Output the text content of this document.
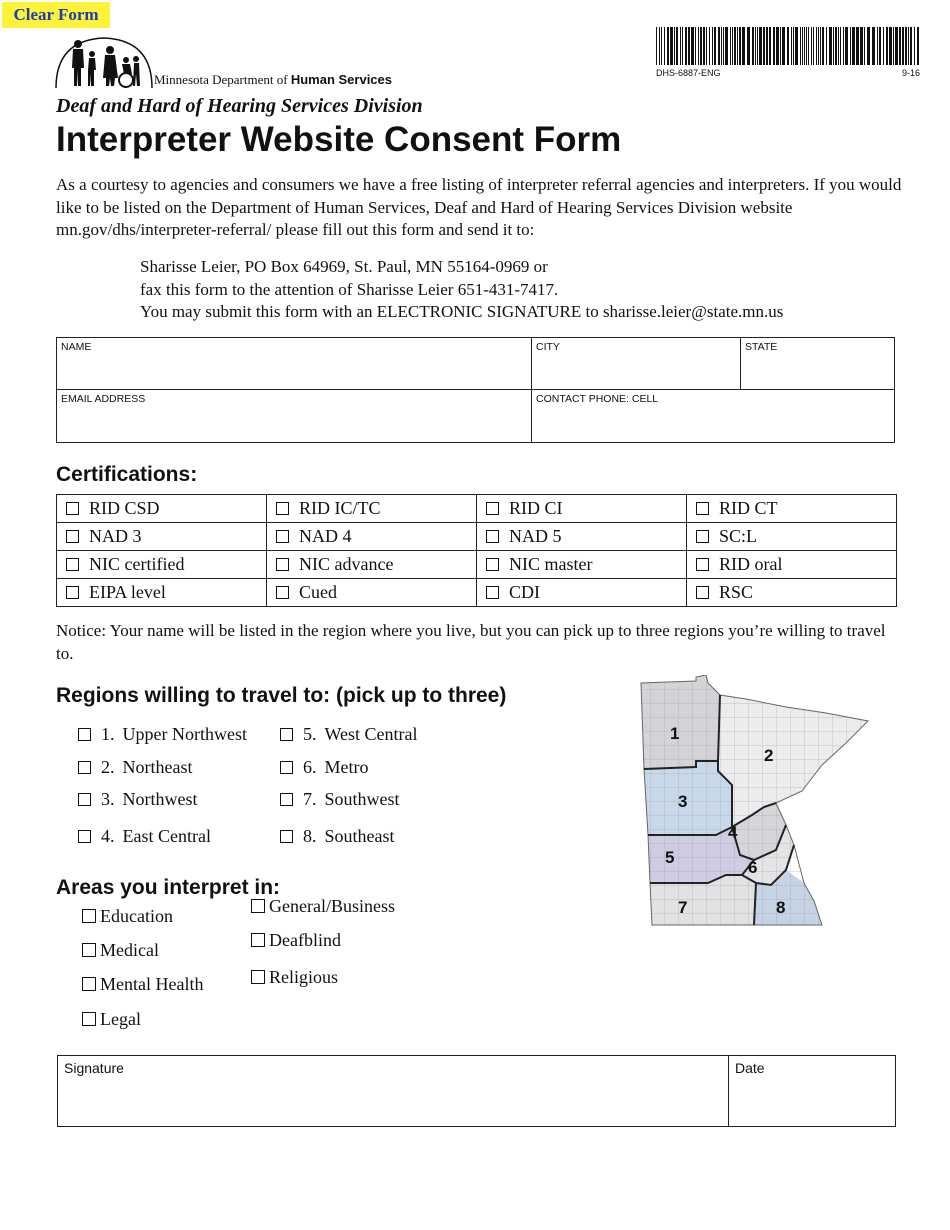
Clear Form
Minnesota Department of Human Services	DHS-6887-ENG	9-16
Deaf and Hard of Hearing Services Division
Interpreter Website Consent Form
As a courtesy to agencies and consumers we have a free listing of interpreter referral agencies and interpreters. If you would like to be listed on the Department of Human Services, Deaf and Hard of Hearing Services Division website mn.gov/dhs/interpreter-referral/ please fill out this form and send it to:
Sharisse Leier, PO Box 64969, St. Paul, MN 55164-0969 or
fax this form to the attention of Sharisse Leier 651-431-7417.
You may submit this form with an ELECTRONIC SIGNATURE to sharisse.leier@state.mn.us
NAME	CITY	STATE
EMAIL ADDRESS	CONTACT PHONE: CELL	
Certifications:
RID CSD	RID IC/TC	RID CI	RID CT
NAD 3	NAD 4	NAD 5	SC:L
NIC certified	NIC advance	NIC master	RID oral
EIPA level	Cued	CDI	RSC
Notice: Your name will be listed in the region where you live, but you can pick up to three regions you’re willing to travel to.
Regions willing to travel to: (pick up to three)
1. Upper Northwest
2. Northeast
3. Northwest
4. East Central
5. West Central
6. Metro
7. Southwest
8. Southeast
1
2
3
4
5
6
7	8
Areas you interpret in:
Education
Medical
Mental Health
Legal
General/Business
Deafblind
Religious
Signature	Date
